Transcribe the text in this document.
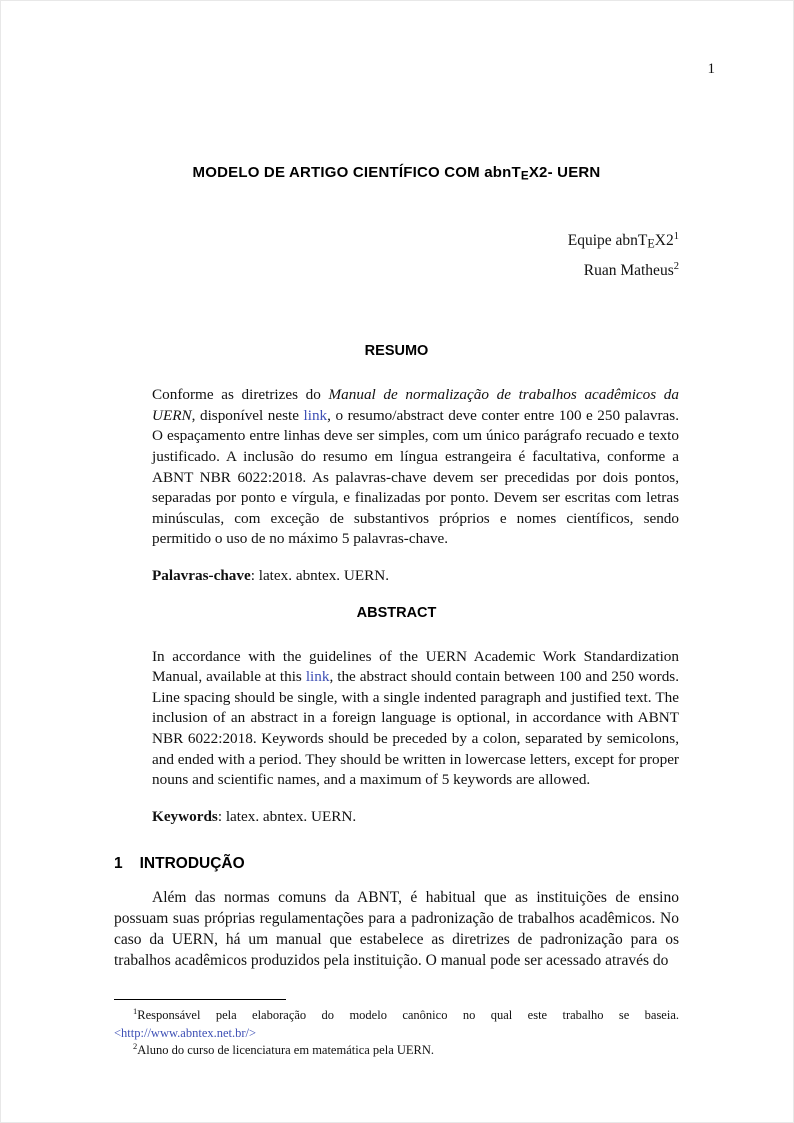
1
MODELO DE ARTIGO CIENTÍFICO COM abnTEX2- UERN
Equipe $abnTEX2^1$
Ruan Matheus$^2$
RESUMO

Conforme as diretrizes do Manual de normalização de trabalhos acadêmicos da UERN, disponível neste link, o resumo/abstract deve conter entre 100 e 250 palavras. O espaçamento entre linhas deve ser simples, com um único parágrafo recuado e texto justificado. A inclusão do resumo em língua estrangeira é facultativa, conforme a ABNT NBR 6022:2018. As palavras-chave devem ser precedidas por dois pontos, separadas por ponto e vírgula, e finalizadas por ponto. Devem ser escritas com letras minúsculas, com exceção de substantivos próprios e nomes científicos, sendo permitido o uso de no máximo 5 palavras-chave.

Palavras-chave: latex. abntex. UERN.

ABSTRACT

In accordance with the guidelines of the UERN Academic Work Standardization Manual, available at this link, the abstract should contain between 100 and 250 words. Line spacing should be single, with a single indented paragraph and justified text. The inclusion of an abstract in a foreign language is optional, in accordance with ABNT NBR 6022:2018. Keywords should be preceded by a colon, separated by semicolons, and ended with a period. They should be written in lowercase letters, except for proper nouns and scientific names, and a maximum of 5 keywords are allowed.

Keywords: latex. abntex. UERN.

1 INTRODUÇÃO

Além das normas comuns da ABNT, é habitual que as instituições de ensino possuam suas próprias regulamentações para a padronização de trabalhos acadêmicos. No caso da UERN, há um manual que estabelece as diretrizes de padronização para os trabalhos acadêmicos produzidos pela instituição. O manual pode ser acessado através do

$^1$Responsável pela elaboração do modelo canônico no qual este trabalho se baseia. <http://www.abntex.net.br/>

$^2$Aluno do curso de licenciatura em matemática pela UERN.
